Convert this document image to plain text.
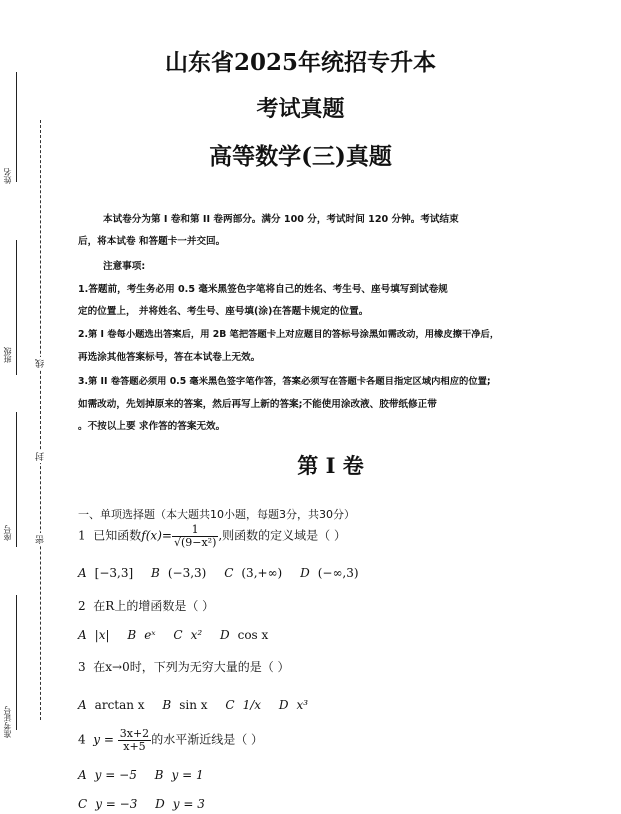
姓名
班级
座号
准考证号
线
封
密
山东省2025年统招专升本
考试真题
高等数学(三)真题
本试卷分为第 I 卷和第 II 卷两部分。满分 100 分，考试时间 120 分钟。考试结束
后，将本试卷 和答题卡一并交回。
注意事项:
1.答题前，考生务必用 0.5 毫米黑签色字笔将自己的姓名、考生号、座号填写到试卷规
定的位置上， 并将姓名、考生号、座号填(涂)在答题卡规定的位置。
2.第 I 卷每小题选出答案后，用 2B 笔把答题卡上对应题目的答标号涂黑如需改动，用橡皮擦干净后，
再选涂其他答案标号，答在本试卷上无效。
3.第 II 卷答题必须用 0.5 毫米黑色签字笔作答，答案必须写在答题卡各题目指定区域内相应的位置;
如需改动，先划掉原来的答案，然后再写上新的答案;不能使用涂改液、胶带纸修正带
。不按以上要 求作答的答案无效。
第 I 卷
一、单项选择题（本大题共10小题，每题3分，共30分）
1 已知函数$f(x)= \frac{1}{\text{√(9−x²)}}$ ,则函数的定义域是（ ）
A [−3,3] B (−3,3) C (3,+∞) D (−∞,3)
2 在R上的增函数是（ ）
A |x| B eˣ C x² D cos x
3 在x→0时，下列为无穷大量的是（ ）
A arctan x B sin x C 1/x D x³
4 $y = \frac{3x+2}{x+5}$ 的水平渐近线是（ ）
A y = −5 B y = 1
C y = −3 D y = 3
